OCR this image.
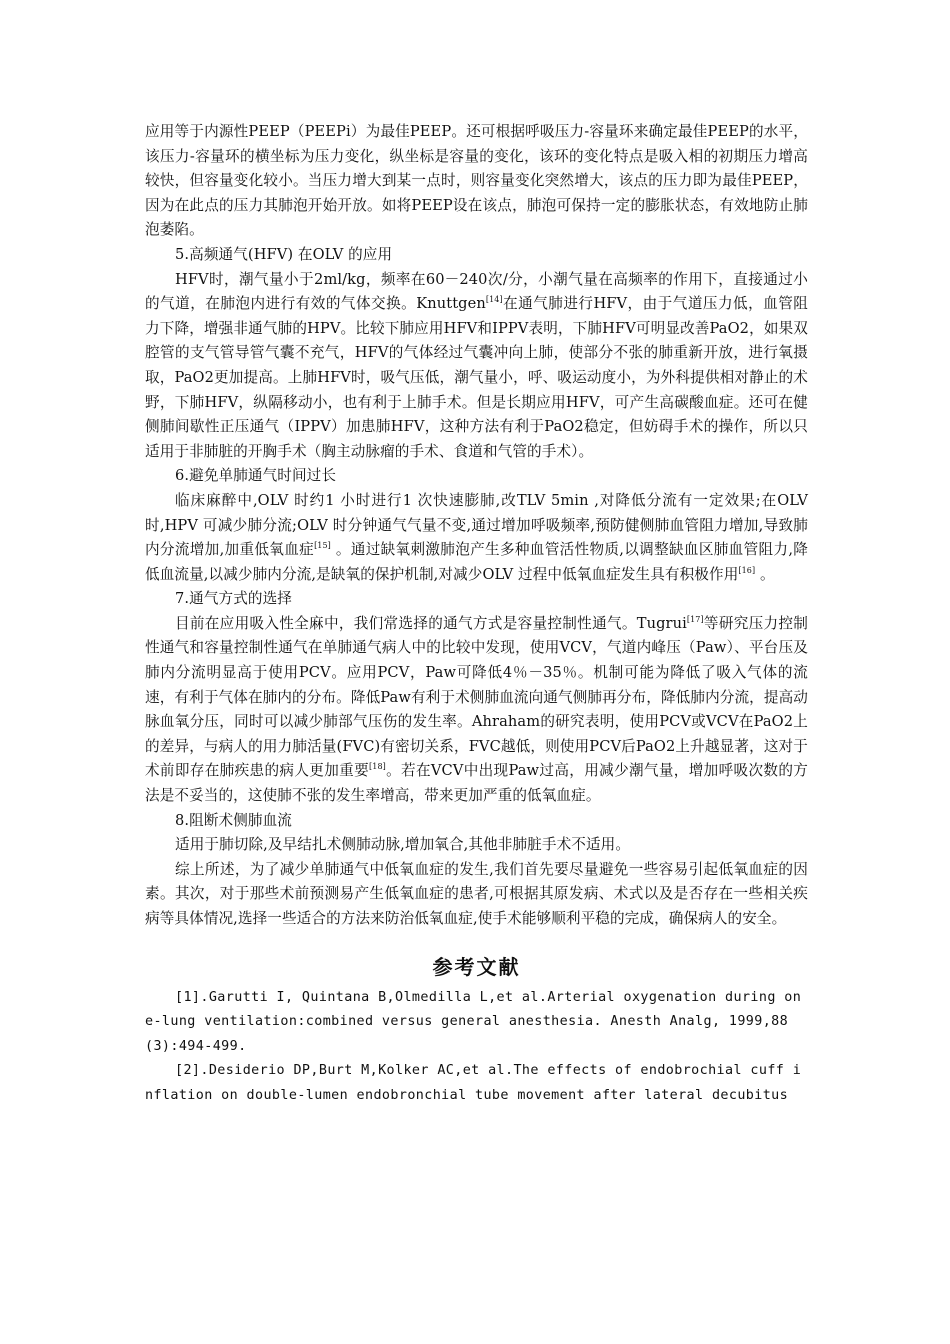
应用等于内源性PEEP（PEEPi）为最佳PEEP。还可根据呼吸压力-容量环来确定最佳PEEP的水平，该压力-容量环的横坐标为压力变化，纵坐标是容量的变化，该环的变化特点是吸入相的初期压力增高较快，但容量变化较小。当压力增大到某一点时，则容量变化突然增大，该点的压力即为最佳PEEP，因为在此点的压力其肺泡开始开放。如将PEEP设在该点，肺泡可保持一定的膨胀状态，有效地防止肺泡萎陷。

5.高频通气(HFV) 在OLV 的应用

HFV时，潮气量小于2ml/kg，频率在60－240次/分，小潮气量在高频率的作用下，直接通过小的气道，在肺泡内进行有效的气体交换。Knuttgen[14]在通气肺进行HFV，由于气道压力低，血管阻力下降，增强非通气肺的HPV。比较下肺应用HFV和IPPV表明，下肺HFV可明显改善PaO2，如果双腔管的支气管导管气囊不充气，HFV的气体经过气囊冲向上肺，使部分不张的肺重新开放，进行氧摄取，PaO2更加提高。上肺HFV时，吸气压低，潮气量小，呼、吸运动度小，为外科提供相对静止的术野，下肺HFV，纵隔移动小，也有利于上肺手术。但是长期应用HFV，可产生高碳酸血症。还可在健侧肺间歇性正压通气（IPPV）加患肺HFV，这种方法有利于PaO2稳定，但妨碍手术的操作，所以只适用于非肺脏的开胸手术（胸主动脉瘤的手术、食道和气管的手术）。

6.避免单肺通气时间过长

临床麻醉中,OLV 时约1 小时进行1 次快速膨肺,改TLV 5min ,对降低分流有一定效果;在OLV时,HPV 可减少肺分流;OLV 时分钟通气气量不变,通过增加呼吸频率,预防健侧肺血管阻力增加,导致肺内分流增加,加重低氧血症[15] 。通过缺氧刺激肺泡产生多种血管活性物质,以调整缺血区肺血管阻力,降低血流量,以减少肺内分流,是缺氧的保护机制,对减少OLV 过程中低氧血症发生具有积极作用[16] 。

7.通气方式的选择

目前在应用吸入性全麻中，我们常选择的通气方式是容量控制性通气。Tugrui[17]等研究压力控制性通气和容量控制性通气在单肺通气病人中的比较中发现，使用VCV，气道内峰压（Paw）、平台压及肺内分流明显高于使用PCV。应用PCV，Paw可降低4％－35％。机制可能为降低了吸入气体的流速，有利于气体在肺内的分布。降低Paw有利于术侧肺血流向通气侧肺再分布，降低肺内分流，提高动脉血氧分压，同时可以减少肺部气压伤的发生率。Ahraham的研究表明，使用PCV或VCV在PaO2上的差异，与病人的用力肺活量(FVC)有密切关系，FVC越低，则使用PCV后PaO2上升越显著，这对于术前即存在肺疾患的病人更加重要[18]。若在VCV中出现Paw过高，用减少潮气量，增加呼吸次数的方法是不妥当的，这使肺不张的发生率增高，带来更加严重的低氧血症。

8.阻断术侧肺血流

适用于肺切除,及早结扎术侧肺动脉,增加氧合,其他非肺脏手术不适用。

综上所述，为了减少单肺通气中低氧血症的发生,我们首先要尽量避免一些容易引起低氧血症的因素。其次，对于那些术前预测易产生低氧血症的患者,可根据其原发病、术式以及是否存在一些相关疾病等具体情况,选择一些适合的方法来防治低氧血症,使手术能够顺利平稳的完成，确保病人的安全。

参考文献

[1].Garutti I, Quintana B,Olmedilla L,et al.Arterial oxygenation during one-lung ventilation:combined versus general anesthesia. Anesth Analg, 1999,88(3):494-499.

[2].Desiderio DP,Burt M,Kolker AC,et al.The effects of endobrochial cuff inflation on double-lumen endobronchial tube movement after lateral decubitus
